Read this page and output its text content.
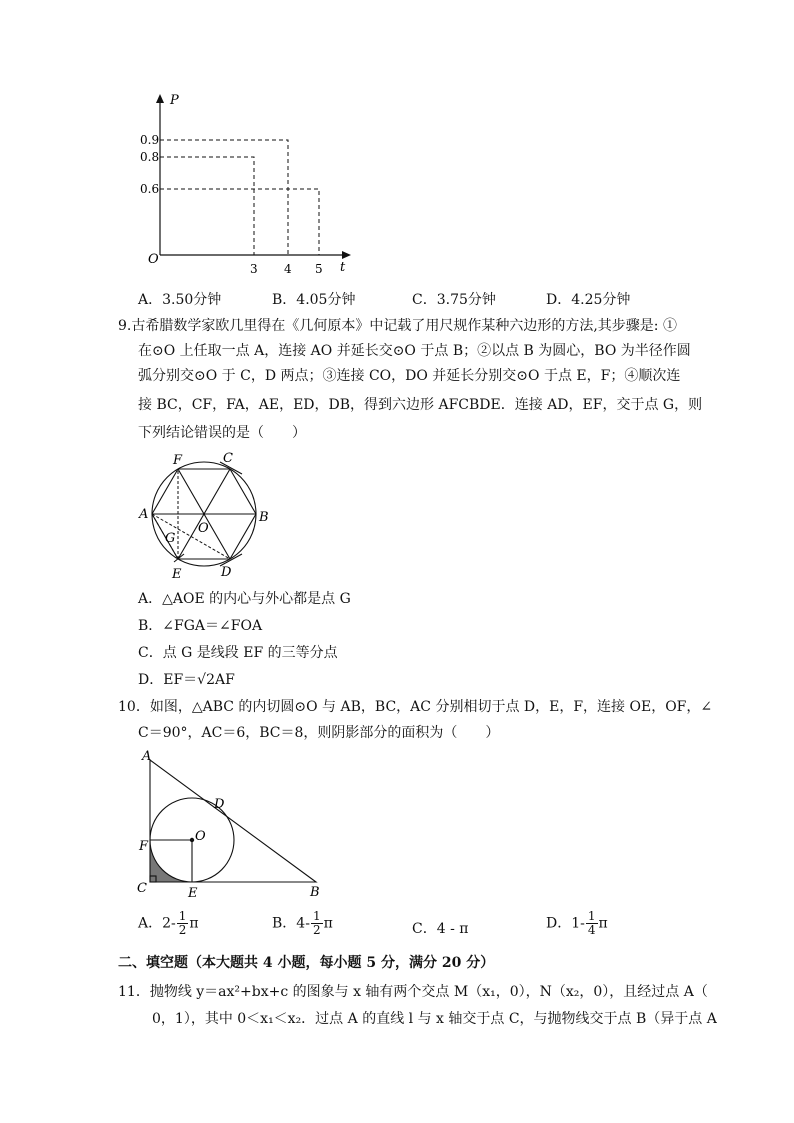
P
t
O
0.9
0.8
0.6
3 4 5
A．3.50分钟	B．4.05分钟	C．3.75分钟	D．4.25分钟
9.古希腊数学家欧几里得在《几何原本》中记载了用尺规作某种六边形的方法,其步骤是: ①
在⊙O 上任取一点 A，连接 AO 并延长交⊙O 于点 B；②以点 B 为圆心，BO 为半径作圆
弧分别交⊙O 于 C，D 两点；③连接 CO，DO 并延长分别交⊙O 于点 E，F；④顺次连
接 BC，CF，FA，AE，ED，DB，得到六边形 AFCBDE．连接 AD，EF，交于点 G，则
下列结论错误的是（　　）
F	C
A	B
O
G
E	D
A．△AOE 的内心与外心都是点 G
B．∠FGA＝∠FOA
C．点 G 是线段 EF 的三等分点
D．EF＝√2AF
10．如图，△ABC 的内切圆⊙O 与 AB，BC，AC 分别相切于点 D，E，F，连接 OE，OF，∠
C＝90°，AC＝6，BC＝8，则阴影部分的面积为（　　）
A
D
O
F
C	E	B
A．$2- \frac{1}{2}$ π	B．$4- \frac{1}{2}$ π	C．4 - π	D．$1- \frac{1}{4}$ π
二、填空题（本大题共 4 小题，每小题 5 分，满分 20 分）
11．抛物线 y＝ax²+bx+c 的图象与 x 轴有两个交点 M（x₁，0），N（x₂，0），且经过点 A（
　0，1），其中 0＜x₁＜x₂．过点 A 的直线 l 与 x 轴交于点 C，与抛物线交于点 B（异于点 A
